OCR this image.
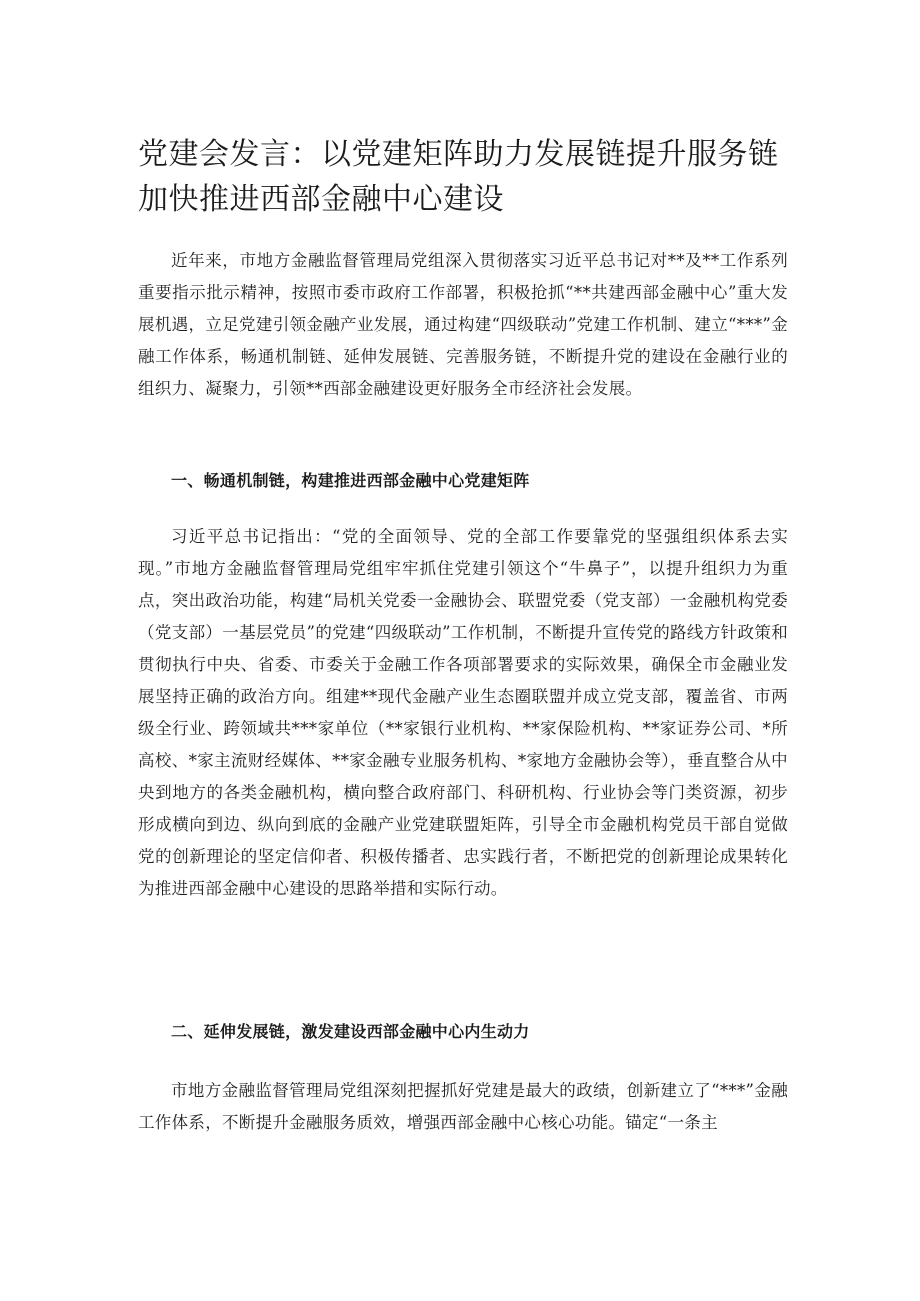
党建会发言：以党建矩阵助力发展链提升服务链加快推进西部金融中心建设

近年来，市地方金融监督管理局党组深入贯彻落实习近平总书记对**及**工作系列重要指示批示精神，按照市委市政府工作部署，积极抢抓“**共建西部金融中心”重大发展机遇，立足党建引领金融产业发展，通过构建“四级联动”党建工作机制、建立“***”金融工作体系，畅通机制链、延伸发展链、完善服务链，不断提升党的建设在金融行业的组织力、凝聚力，引领**西部金融建设更好服务全市经济社会发展。

一、畅通机制链，构建推进西部金融中心党建矩阵

习近平总书记指出：“党的全面领导、党的全部工作要靠党的坚强组织体系去实现。”市地方金融监督管理局党组牢牢抓住党建引领这个“牛鼻子”，以提升组织力为重点，突出政治功能，构建“局机关党委一金融协会、联盟党委（党支部）一金融机构党委（党支部）一基层党员”的党建“四级联动”工作机制，不断提升宣传党的路线方针政策和贯彻执行中央、省委、市委关于金融工作各项部署要求的实际效果，确保全市金融业发展坚持正确的政治方向。组建**现代金融产业生态圈联盟并成立党支部，覆盖省、市两级全行业、跨领域共***家单位（**家银行业机构、**家保险机构、**家证券公司、*所高校、*家主流财经媒体、**家金融专业服务机构、*家地方金融协会等），垂直整合从中央到地方的各类金融机构，横向整合政府部门、科研机构、行业协会等门类资源，初步形成横向到边、纵向到底的金融产业党建联盟矩阵，引导全市金融机构党员干部自觉做党的创新理论的坚定信仰者、积极传播者、忠实践行者，不断把党的创新理论成果转化为推进西部金融中心建设的思路举措和实际行动。

二、延伸发展链，激发建设西部金融中心内生动力

市地方金融监督管理局党组深刻把握抓好党建是最大的政绩，创新建立了“***”金融工作体系，不断提升金融服务质效，增强西部金融中心核心功能。锚定“一条主
